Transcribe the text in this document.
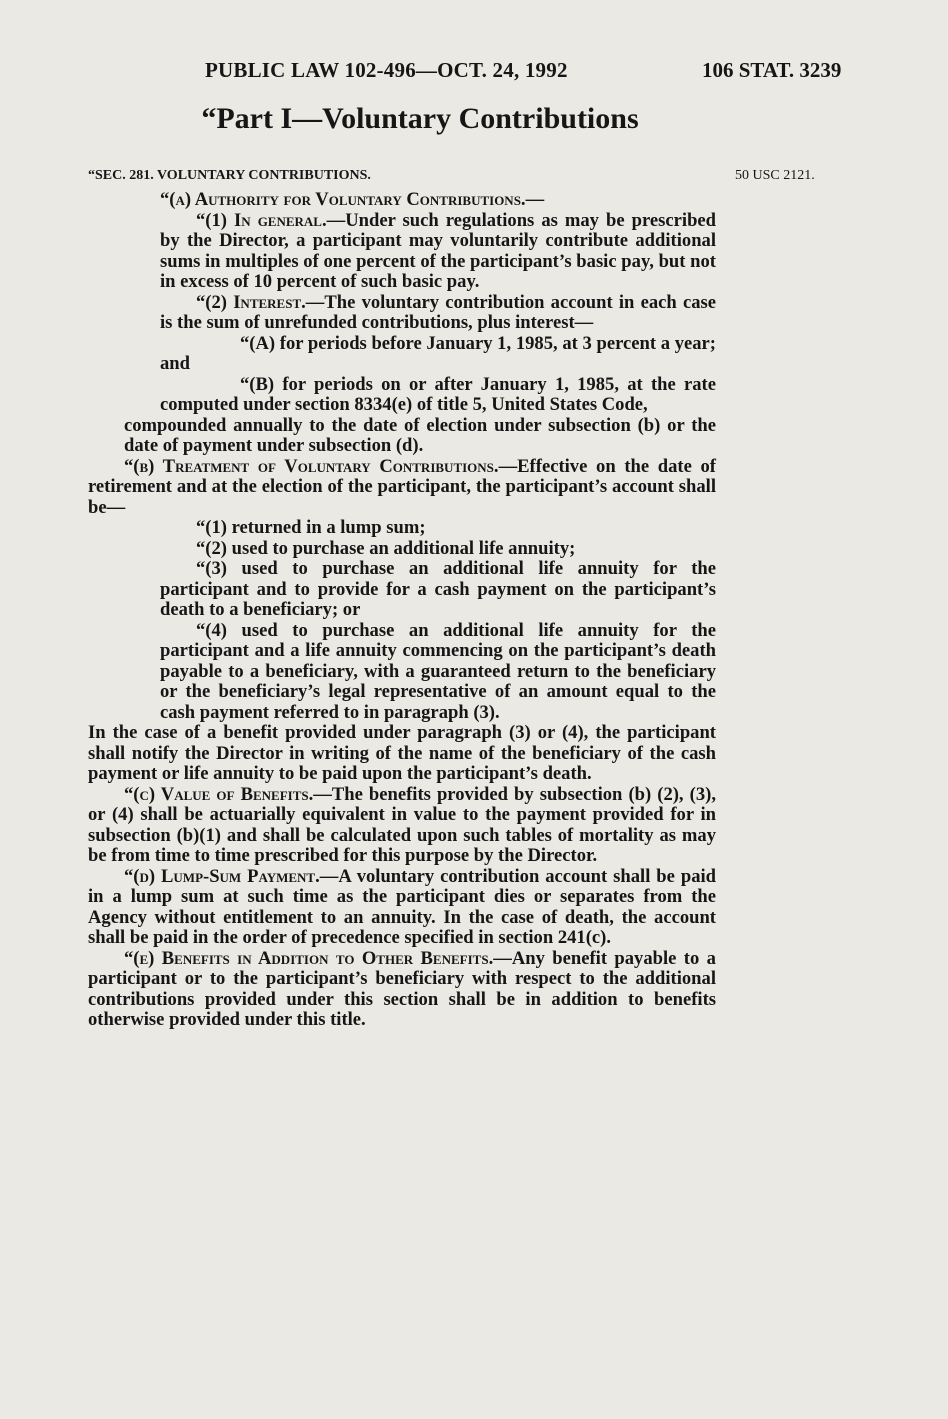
PUBLIC LAW 102-496—OCT. 24, 1992	106 STAT. 3239
“Part I—Voluntary Contributions
“SEC. 281. VOLUNTARY CONTRIBUTIONS.	50 USC 2121.

“(a) Authority for Voluntary Contributions.—

“(1) In general.—Under such regulations as may be prescribed by the Director, a participant may voluntarily contribute additional sums in multiples of one percent of the participant’s basic pay, but not in excess of 10 percent of such basic pay.

“(2) Interest.—The voluntary contribution account in each case is the sum of unrefunded contributions, plus interest—

“(A) for periods before January 1, 1985, at 3 percent a year; and

“(B) for periods on or after January 1, 1985, at the rate computed under section 8334(e) of title 5, United States Code,

compounded annually to the date of election under subsection (b) or the date of payment under subsection (d).

“(b) Treatment of Voluntary Contributions.—Effective on the date of retirement and at the election of the participant, the participant’s account shall be—

“(1) returned in a lump sum;

“(2) used to purchase an additional life annuity;

“(3) used to purchase an additional life annuity for the participant and to provide for a cash payment on the participant’s death to a beneficiary; or

“(4) used to purchase an additional life annuity for the participant and a life annuity commencing on the participant’s death payable to a beneficiary, with a guaranteed return to the beneficiary or the beneficiary’s legal representative of an amount equal to the cash payment referred to in paragraph (3).

In the case of a benefit provided under paragraph (3) or (4), the participant shall notify the Director in writing of the name of the beneficiary of the cash payment or life annuity to be paid upon the participant’s death.

“(c) Value of Benefits.—The benefits provided by subsection (b) (2), (3), or (4) shall be actuarially equivalent in value to the payment provided for in subsection (b)(1) and shall be calculated upon such tables of mortality as may be from time to time prescribed for this purpose by the Director.

“(d) Lump-Sum Payment.—A voluntary contribution account shall be paid in a lump sum at such time as the participant dies or separates from the Agency without entitlement to an annuity. In the case of death, the account shall be paid in the order of precedence specified in section 241(c).

“(e) Benefits in Addition to Other Benefits.—Any benefit payable to a participant or to the participant’s beneficiary with respect to the additional contributions provided under this section shall be in addition to benefits otherwise provided under this title.
